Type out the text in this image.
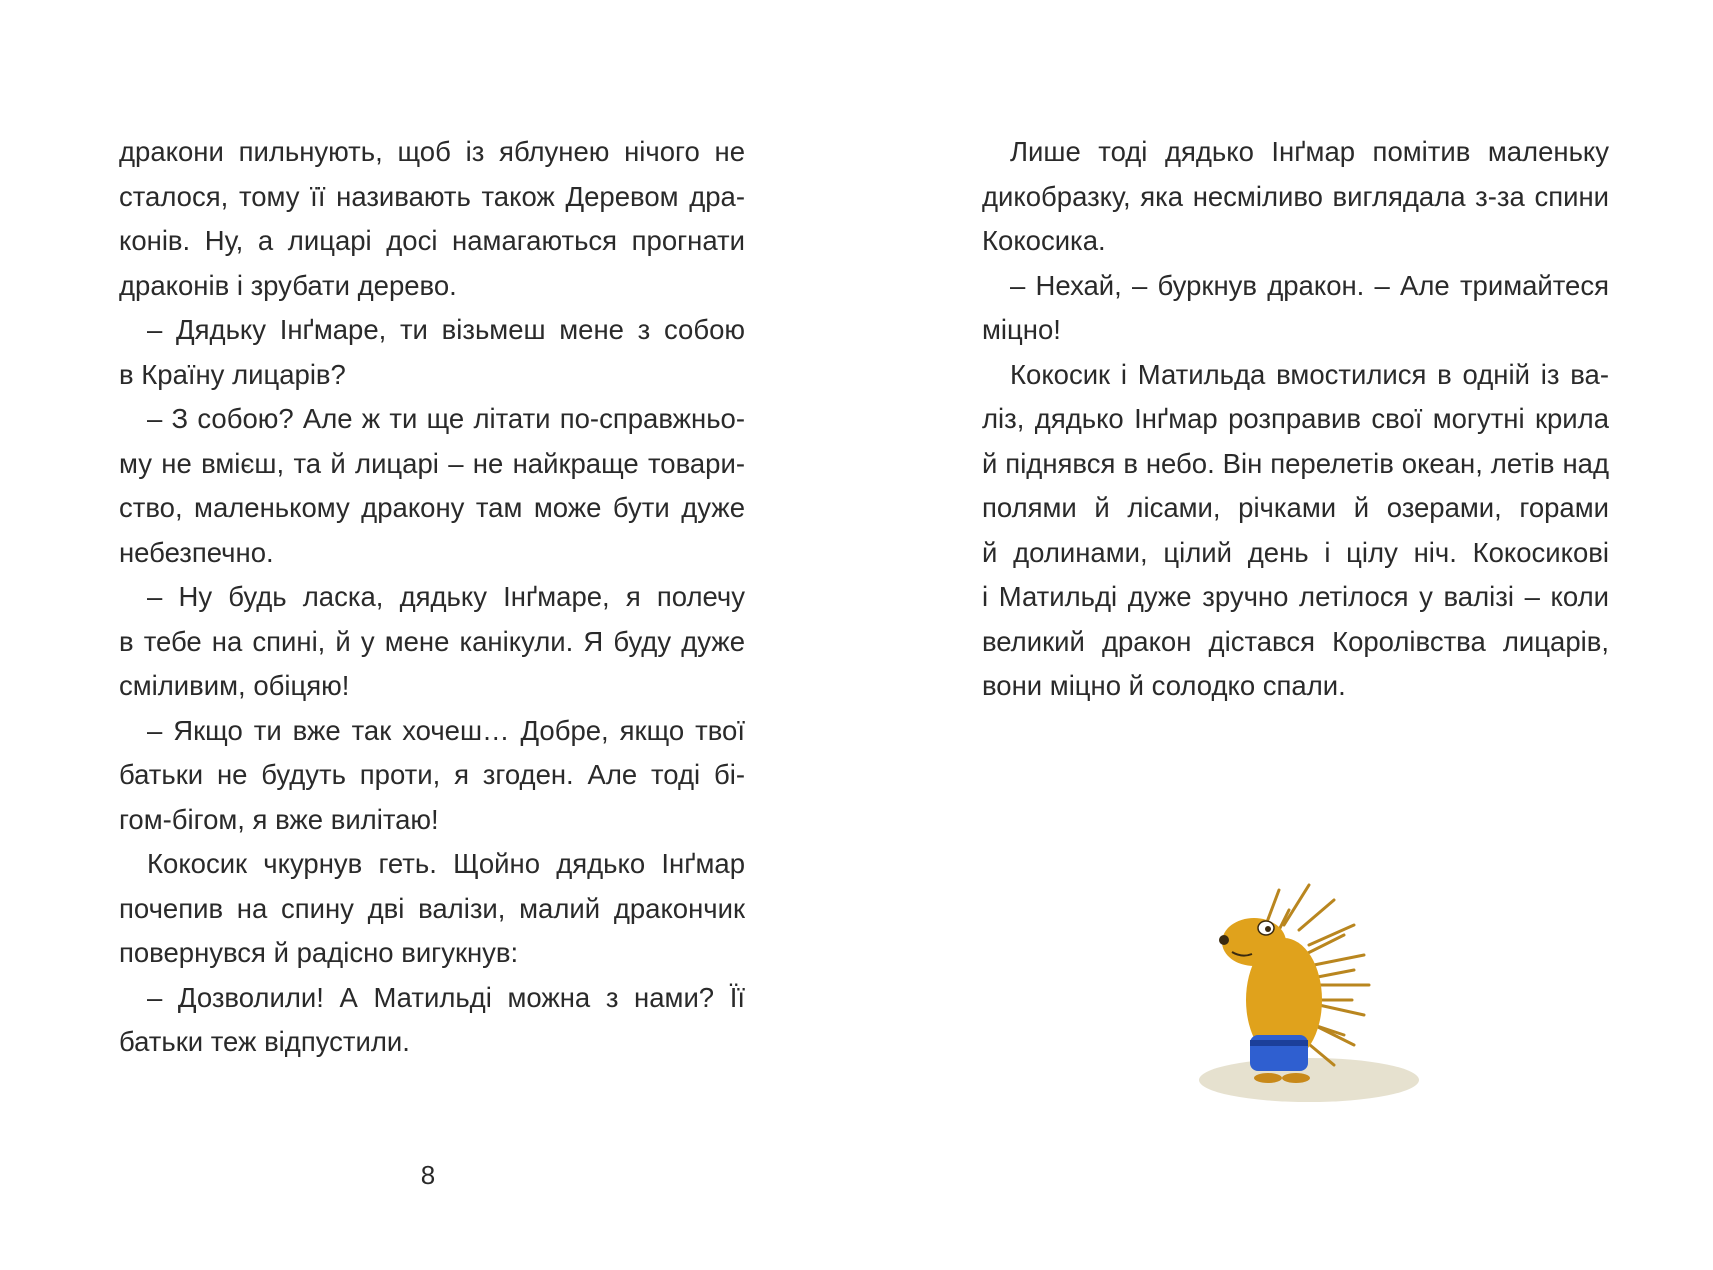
дракони пильнують, щоб із яблунею нічого не
сталося, тому її називають також Деревом дра-
конів. Ну, а лицарі досі намагаються прогнати
драконів і зрубати дерево.
– Дядьку Інґмаре, ти візьмеш мене з собою
в Країну лицарів?
– З собою? Але ж ти ще літати по-справжньо-
му не вмієш, та й лицарі – не найкраще товари-
ство, маленькому дракону там може бути дуже
небезпечно.
– Ну будь ласка, дядьку Інґмаре, я полечу
в тебе на спині, й у мене канікули. Я буду дуже
сміливим, обіцяю!
– Якщо ти вже так хочеш… Добре, якщо твої
батьки не будуть проти, я згоден. Але тоді бі-
гом-бігом, я вже вилітаю!
Кокосик чкурнув геть. Щойно дядько Інґмар
почепив на спину дві валізи, малий дракончик
повернувся й радісно вигукнув:
– Дозволили! А Матильді можна з нами? Її
батьки теж відпустили.
8
Лише тоді дядько Інґмар помітив маленьку
дикобразку, яка несміливо виглядала з-за спини
Кокосика.
– Нехай, – буркнув дракон. – Але тримайтеся
міцно!
Кокосик і Матильда вмостилися в одній із ва-
ліз, дядько Інґмар розправив свої могутні крила
й піднявся в небо. Він перелетів океан, летів над
полями й лісами, річками й озерами, горами
й долинами, цілий день і цілу ніч. Кокосикові
і Матильді дуже зручно летілося у валізі – коли
великий дракон дістався Королівства лицарів,
вони міцно й солодко спали.
